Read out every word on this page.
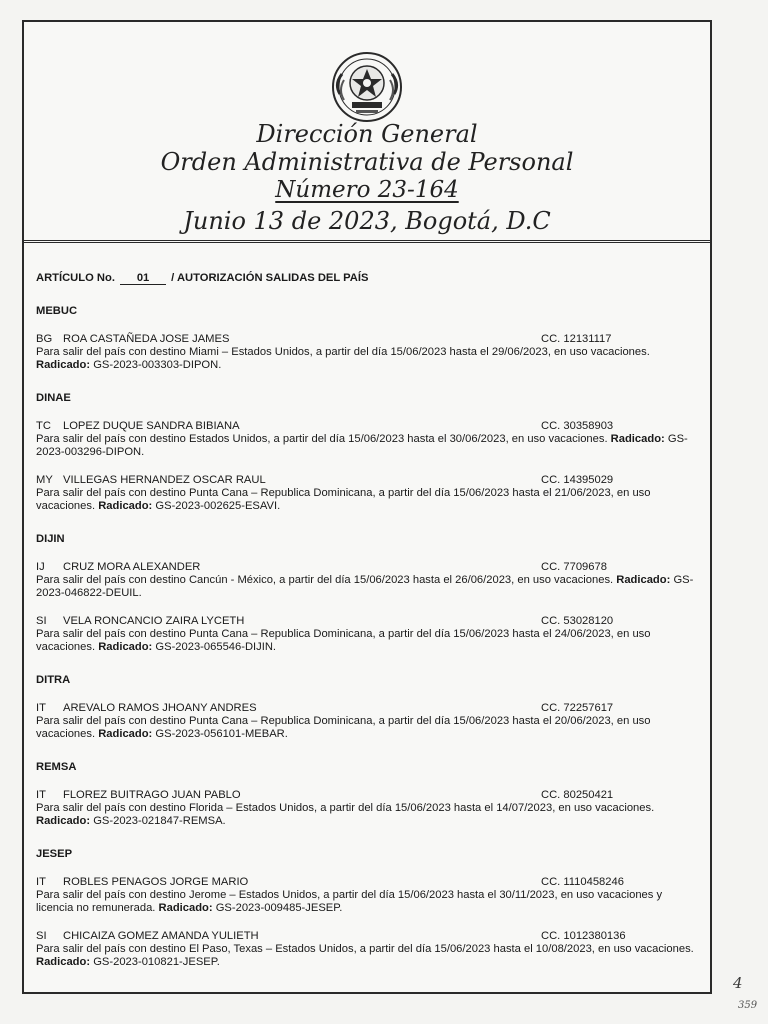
Dirección General
Orden Administrativa de Personal
Número 23-164
Junio 13 de 2023, Bogotá, D.C
ARTÍCULO No. 01 / AUTORIZACIÓN SALIDAS DEL PAÍS
MEBUC
BG ROA CASTAÑEDA JOSE JAMES	CC. 12131117
Para salir del país con destino Miami – Estados Unidos, a partir del día 15/06/2023 hasta el 29/06/2023, en uso vacaciones. Radicado: GS-2023-003303-DIPON.
DINAE
TC LOPEZ DUQUE SANDRA BIBIANA	CC. 30358903
Para salir del país con destino Estados Unidos, a partir del día 15/06/2023 hasta el 30/06/2023, en uso vacaciones. Radicado: GS-2023-003296-DIPON.
MY VILLEGAS HERNANDEZ OSCAR RAUL	CC. 14395029
Para salir del país con destino Punta Cana – Republica Dominicana, a partir del día 15/06/2023 hasta el 21/06/2023, en uso vacaciones. Radicado: GS-2023-002625-ESAVI.
DIJIN
IJ CRUZ MORA ALEXANDER	CC. 7709678
Para salir del país con destino Cancún - México, a partir del día 15/06/2023 hasta el 26/06/2023, en uso vacaciones. Radicado: GS-2023-046822-DEUIL.
SI VELA RONCANCIO ZAIRA LYCETH	CC. 53028120
Para salir del país con destino Punta Cana – Republica Dominicana, a partir del día 15/06/2023 hasta el 24/06/2023, en uso vacaciones. Radicado: GS-2023-065546-DIJIN.
DITRA
IT AREVALO RAMOS JHOANY ANDRES	CC. 72257617
Para salir del país con destino Punta Cana – Republica Dominicana, a partir del día 15/06/2023 hasta el 20/06/2023, en uso vacaciones. Radicado: GS-2023-056101-MEBAR.
REMSA
IT FLOREZ BUITRAGO JUAN PABLO	CC. 80250421
Para salir del país con destino Florida – Estados Unidos, a partir del día 15/06/2023 hasta el 14/07/2023, en uso vacaciones. Radicado: GS-2023-021847-REMSA.
JESEP
IT ROBLES PENAGOS JORGE MARIO	CC. 1110458246
Para salir del país con destino Jerome – Estados Unidos, a partir del día 15/06/2023 hasta el 30/11/2023, en uso vacaciones y licencia no remunerada. Radicado: GS-2023-009485-JESEP.
SI CHICAIZA GOMEZ AMANDA YULIETH	CC. 1012380136
Para salir del país con destino El Paso, Texas – Estados Unidos, a partir del día 15/06/2023 hasta el 10/08/2023, en uso vacaciones. Radicado: GS-2023-010821-JESEP.
4
359
